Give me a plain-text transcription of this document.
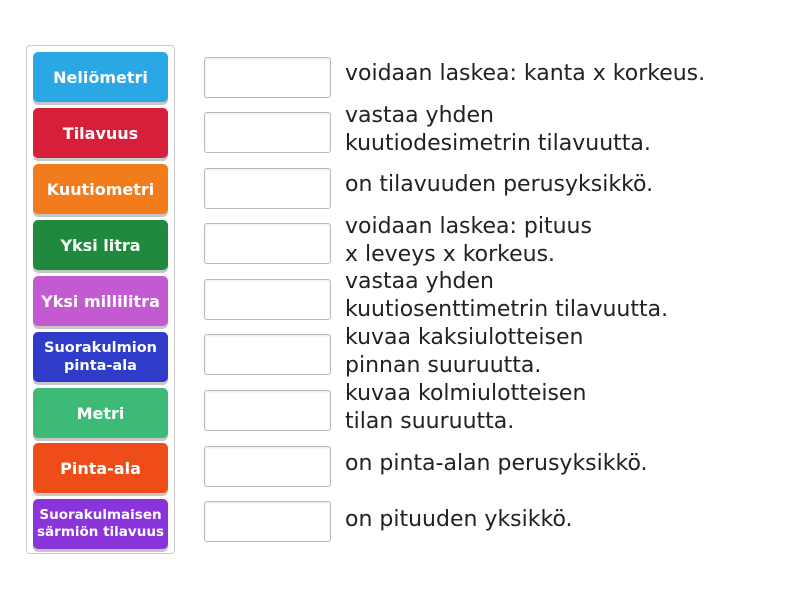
Neliömetri
Tilavuus
Kuutiometri
Yksi litra
Yksi millilitra
Suorakulmion pinta-ala
Metri
Pinta-ala
Suorakulmaisen särmiön tilavuus
voidaan laskea: kanta x korkeus.
vastaa yhden
kuutiodesimetrin tilavuutta.
on tilavuuden perusyksikkö.
voidaan laskea: pituus
x leveys x korkeus.
vastaa yhden
kuutiosenttimetrin tilavuutta.
kuvaa kaksiulotteisen
pinnan suuruutta.
kuvaa kolmiulotteisen
tilan suuruutta.
on pinta-alan perusyksikkö.
on pituuden yksikkö.
